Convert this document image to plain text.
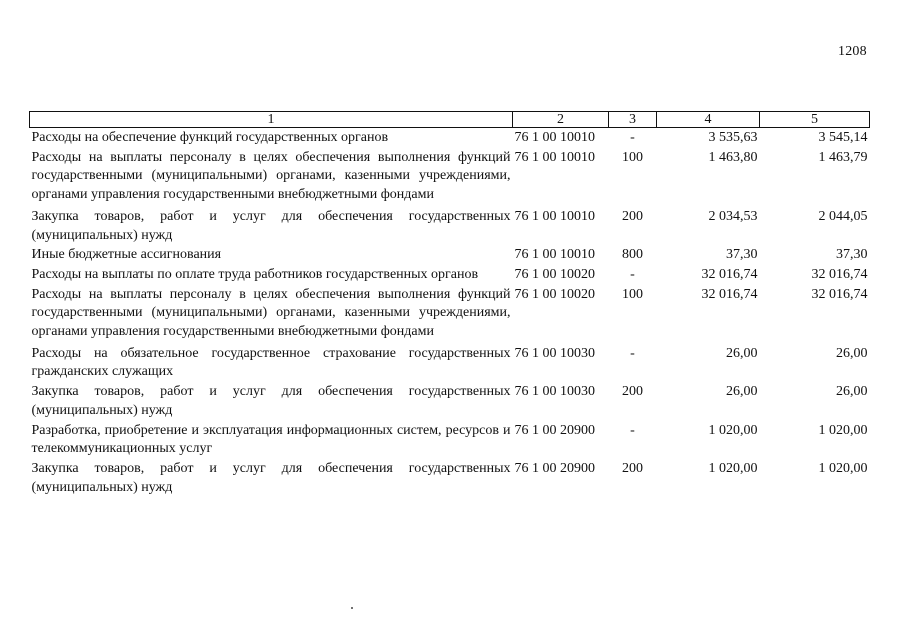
1208
1	2	3	4	5
Расходы на обеспечение функций государственных органов	76 1 00 10010	-	3 535,63	3 545,14
Расходы на выплаты персоналу в целях обеспечения выполнения функций государственными (муниципальными) органами, казенными учреждениями, органами управления государственными внебюджетными фондами	76 1 00 10010	100	1 463,80	1 463,79
Закупка товаров, работ и услуг для обеспечения государственных (муниципальных) нужд	76 1 00 10010	200	2 034,53	2 044,05
Иные бюджетные ассигнования	76 1 00 10010	800	37,30	37,30
Расходы на выплаты по оплате труда работников государственных органов	76 1 00 10020	-	32 016,74	32 016,74
Расходы на выплаты персоналу в целях обеспечения выполнения функций государственными (муниципальными) органами, казенными учреждениями, органами управления государственными внебюджетными фондами	76 1 00 10020	100	32 016,74	32 016,74
Расходы на обязательное государственное страхование государственных гражданских служащих	76 1 00 10030	-	26,00	26,00
Закупка товаров, работ и услуг для обеспечения государственных (муниципальных) нужд	76 1 00 10030	200	26,00	26,00
Разработка, приобретение и эксплуатация информационных систем, ресурсов и телекоммуникационных услуг	76 1 00 20900	-	1 020,00	1 020,00
Закупка товаров, работ и услуг для обеспечения государственных (муниципальных) нужд	76 1 00 20900	200	1 020,00	1 020,00
